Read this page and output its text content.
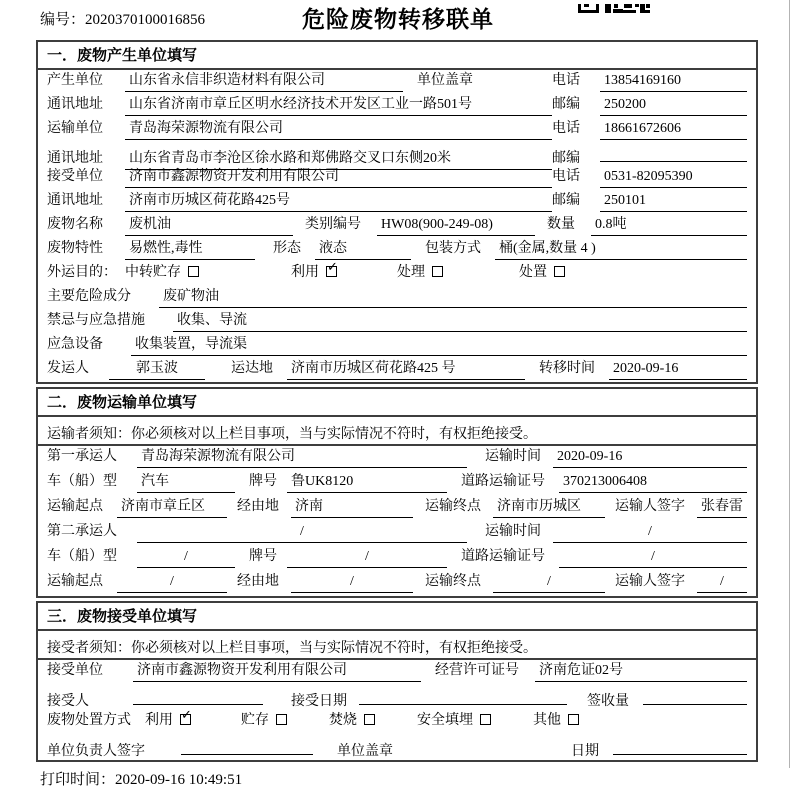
编号：2020370100016856	危险废物转移联单
一．废物产生单位填写
产生单位	山东省永信非织造材料有限公司	单位盖章	电话	13854169160
通讯地址	山东省济南市章丘区明水经济技术开发区工业一路501号	邮编	250200
运输单位	青岛海荣源物流有限公司	电话	18661672606
通讯地址	山东省青岛市李沧区徐水路和郑佛路交叉口东侧20米	邮编
接受单位	济南市鑫源物资开发利用有限公司	电话	0531-82095390
通讯地址	济南市历城区荷花路425号	邮编	250101
废物名称	废机油	类别编号	HW08(900-249-08)	数量	0.8吨
废物特性	易燃性,毒性	形态	液态	包装方式	桶(金属,数量 4 )
外运目的： 中转贮存	利用 ✓	处理	处置
主要危险成分	废矿物油
禁忌与应急措施	收集、导流
应急设备	收集装置，导流渠
发运人	郭玉波	运达地	济南市历城区荷花路425 号	转移时间	2020-09-16
二．废物运输单位填写
运输者须知：你必须核对以上栏目事项，当与实际情况不符时，有权拒绝接受。
第一承运人	青岛海荣源物流有限公司	运输时间	2020-09-16
车（船）型	汽车	牌号	鲁UK8120	道路运输证号	370213006408
运输起点	济南市章丘区	经由地	济南	运输终点	济南市历城区	运输人签字	张春雷
第二承运人	/	运输时间	/
车（船）型	/	牌号	/	道路运输证号	/
运输起点	/	经由地	/	运输终点	/	运输人签字	/
三．废物接受单位填写
接受者须知：你必须核对以上栏目事项，当与实际情况不符时，有权拒绝接受。
接受单位	济南市鑫源物资开发利用有限公司	经营许可证号	济南危证02号
接受人	接受日期	签收量
废物处置方式 利用 ✓	贮存	焚烧	安全填埋	其他
单位负责人签字	单位盖章	日期
打印时间：2020-09-16 10:49:51
